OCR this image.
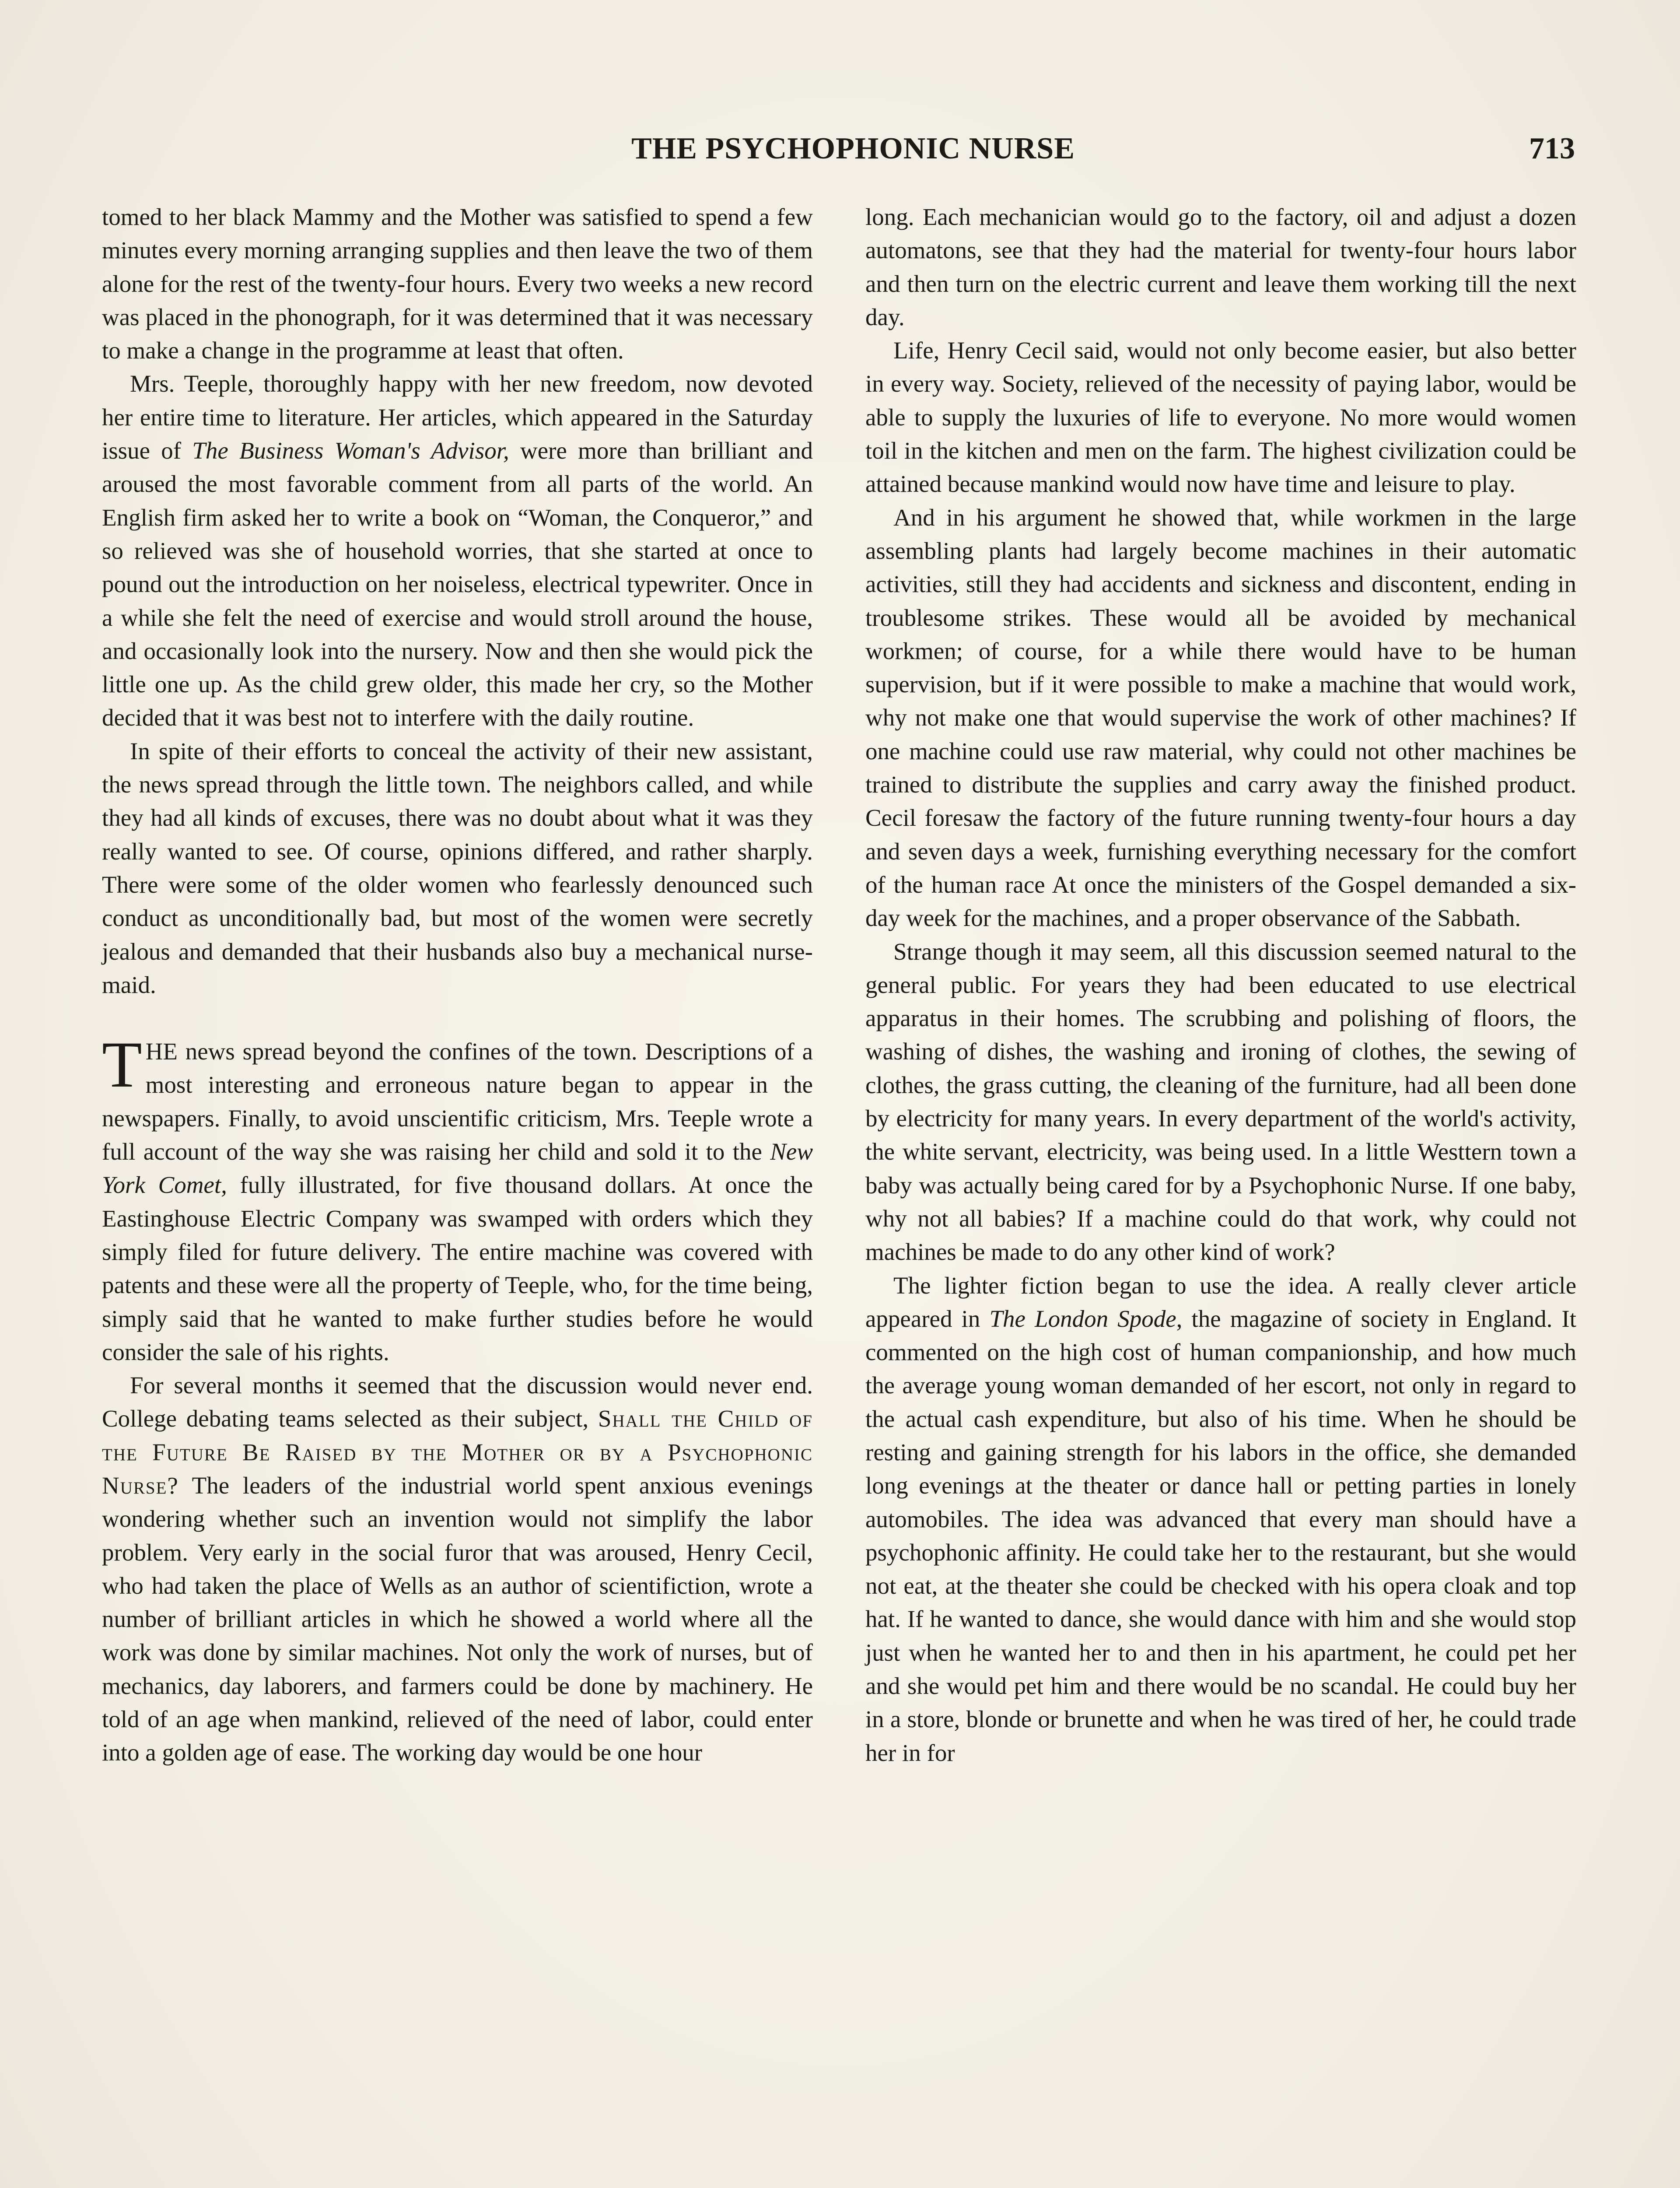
THE PSYCHOPHONIC NURSE	713

tomed to her black Mammy and the Mother was satisfied to spend a few minutes every morning arranging supplies and then leave the two of them alone for the rest of the twenty-four hours. Every two weeks a new record was placed in the phonograph, for it was determined that it was necessary to make a change in the programme at least that often.

Mrs. Teeple, thoroughly happy with her new freedom, now devoted her entire time to literature. Her articles, which appeared in the Saturday issue of The Business Woman's Advisor, were more than brilliant and aroused the most favorable comment from all parts of the world. An English firm asked her to write a book on “Woman, the Conqueror,” and so relieved was she of household worries, that she started at once to pound out the introduction on her noiseless, electrical typewriter. Once in a while she felt the need of exercise and would stroll around the house, and occasionally look into the nursery. Now and then she would pick the little one up. As the child grew older, this made her cry, so the Mother decided that it was best not to interfere with the daily routine.

In spite of their efforts to conceal the activity of their new assistant, the news spread through the little town. The neighbors called, and while they had all kinds of excuses, there was no doubt about what it was they really wanted to see. Of course, opinions differed, and rather sharply. There were some of the older women who fearlessly denounced such conduct as unconditionally bad, but most of the women were secretly jealous and demanded that their husbands also buy a mechanical nurse-maid.

THE news spread beyond the confines of the town. Descriptions of a most interesting and erroneous nature began to appear in the newspapers. Finally, to avoid unscientific criticism, Mrs. Teeple wrote a full account of the way she was raising her child and sold it to the New York Comet, fully illustrated, for five thousand dollars. At once the Eastinghouse Electric Company was swamped with orders which they simply filed for future delivery. The entire machine was covered with patents and these were all the property of Teeple, who, for the time being, simply said that he wanted to make further studies before he would consider the sale of his rights.

For several months it seemed that the discussion would never end. College debating teams selected as their subject, Shall the Child of the Future Be Raised by the Mother or by a Psychophonic Nurse? The leaders of the industrial world spent anxious evenings wondering whether such an invention would not simplify the labor problem. Very early in the social furor that was aroused, Henry Cecil, who had taken the place of Wells as an author of scientifiction, wrote a number of brilliant articles in which he showed a world where all the work was done by similar machines. Not only the work of nurses, but of mechanics, day laborers, and farmers could be done by machinery. He told of an age when mankind, relieved of the need of labor, could enter into a golden age of ease. The working day would be one hour

long. Each mechanician would go to the factory, oil and adjust a dozen automatons, see that they had the material for twenty-four hours labor and then turn on the electric current and leave them working till the next day.

Life, Henry Cecil said, would not only become easier, but also better in every way. Society, relieved of the necessity of paying labor, would be able to supply the luxuries of life to everyone. No more would women toil in the kitchen and men on the farm. The highest civilization could be attained because mankind would now have time and leisure to play.

And in his argument he showed that, while workmen in the large assembling plants had largely become machines in their automatic activities, still they had accidents and sickness and discontent, ending in troublesome strikes. These would all be avoided by mechanical workmen; of course, for a while there would have to be human supervision, but if it were possible to make a machine that would work, why not make one that would supervise the work of other machines? If one machine could use raw material, why could not other machines be trained to distribute the supplies and carry away the finished product. Cecil foresaw the factory of the future running twenty-four hours a day and seven days a week, furnishing everything necessary for the comfort of the human race At once the ministers of the Gospel demanded a six-day week for the machines, and a proper observance of the Sabbath.

Strange though it may seem, all this discussion seemed natural to the general public. For years they had been educated to use electrical apparatus in their homes. The scrubbing and polishing of floors, the washing of dishes, the washing and ironing of clothes, the sewing of clothes, the grass cutting, the cleaning of the furniture, had all been done by electricity for many years. In every department of the world's activity, the white servant, electricity, was being used. In a little Westtern town a baby was actually being cared for by a Psychophonic Nurse. If one baby, why not all babies? If a machine could do that work, why could not machines be made to do any other kind of work?

The lighter fiction began to use the idea. A really clever article appeared in The London Spode, the magazine of society in England. It commented on the high cost of human companionship, and how much the average young woman demanded of her escort, not only in regard to the actual cash expenditure, but also of his time. When he should be resting and gaining strength for his labors in the office, she demanded long evenings at the theater or dance hall or petting parties in lonely automobiles. The idea was advanced that every man should have a psychophonic affinity. He could take her to the restaurant, but she would not eat, at the theater she could be checked with his opera cloak and top hat. If he wanted to dance, she would dance with him and she would stop just when he wanted her to and then in his apartment, he could pet her and she would pet him and there would be no scandal. He could buy her in a store, blonde or brunette and when he was tired of her, he could trade her in for
